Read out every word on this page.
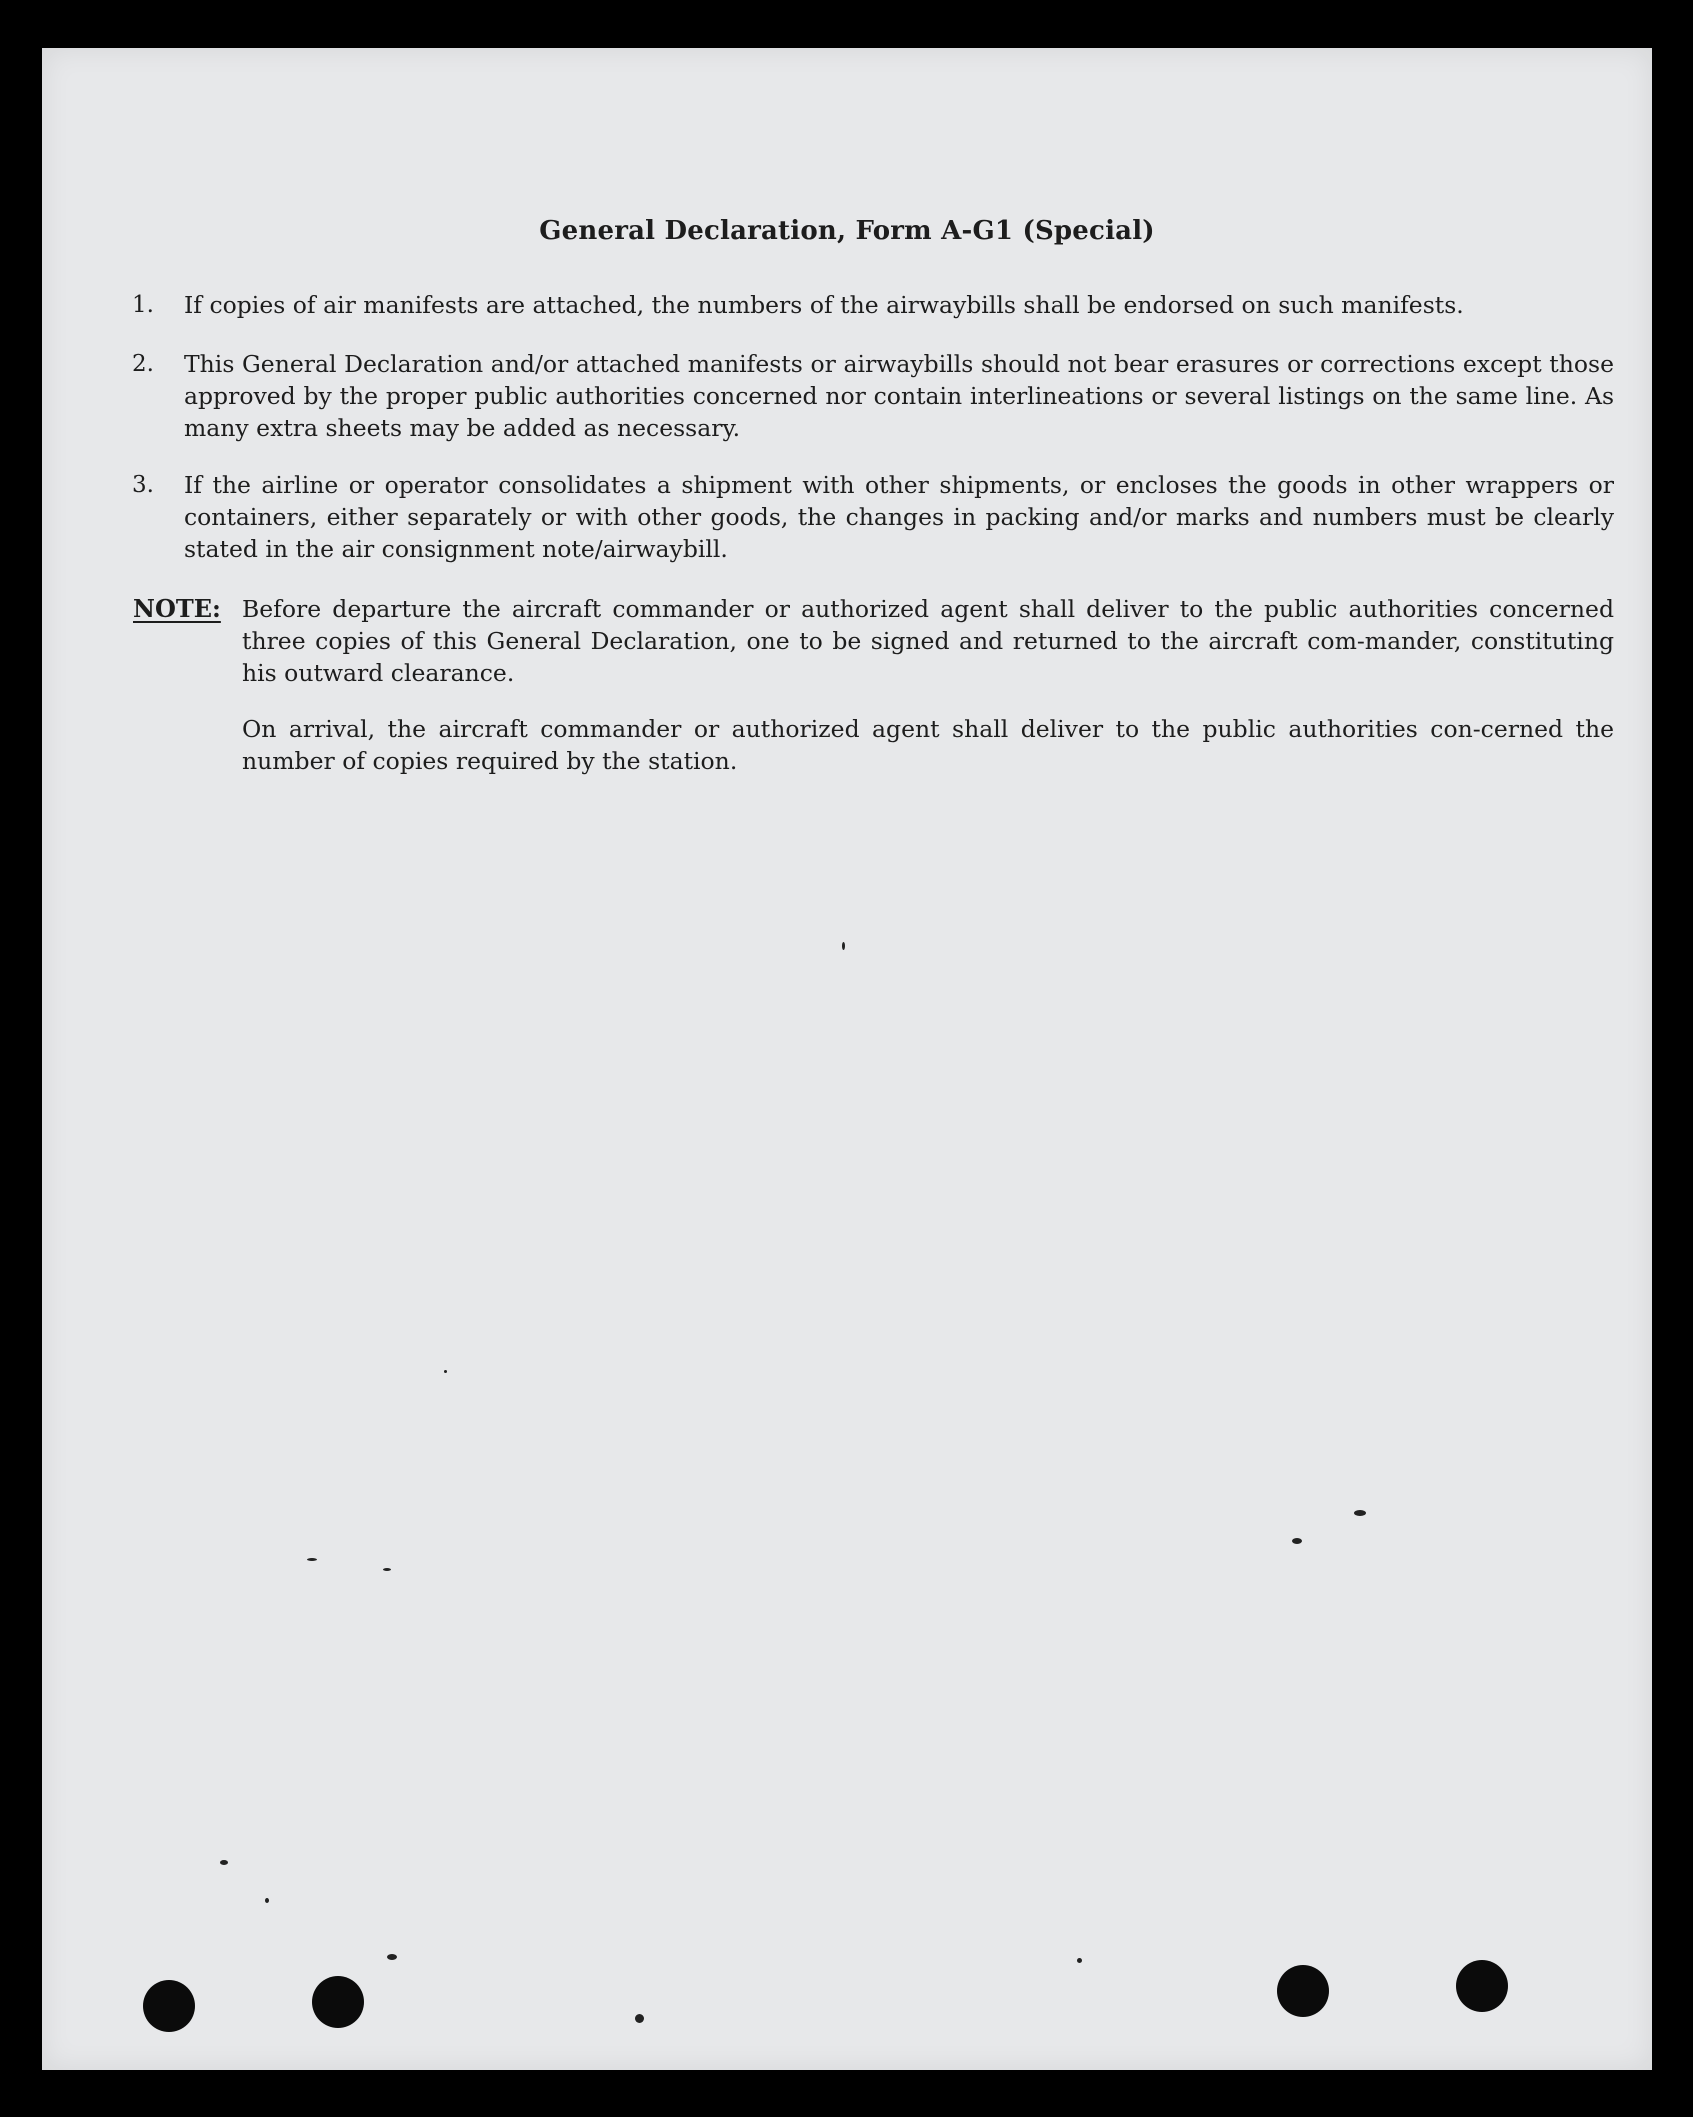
General Declaration, Form A-G1 (Special)
1. If copies of air manifests are attached, the numbers of the airwaybills shall be endorsed on such manifests.
2. This General Declaration and/or attached manifests or airwaybills should not bear erasures or corrections except those approved by the proper public authorities concerned nor contain interlineations or several listings on the same line. As many extra sheets may be added as necessary.
3. If the airline or operator consolidates a shipment with other shipments, or encloses the goods in other wrappers or containers, either separately or with other goods, the changes in packing and/or marks and numbers must be clearly stated in the air consignment note/airwaybill.
NOTE: Before departure the aircraft commander or authorized agent shall deliver to the public authorities concerned three copies of this General Declaration, one to be signed and returned to the aircraft com-mander, constituting his outward clearance.
On arrival, the aircraft commander or authorized agent shall deliver to the public authorities con-cerned the number of copies required by the station.
